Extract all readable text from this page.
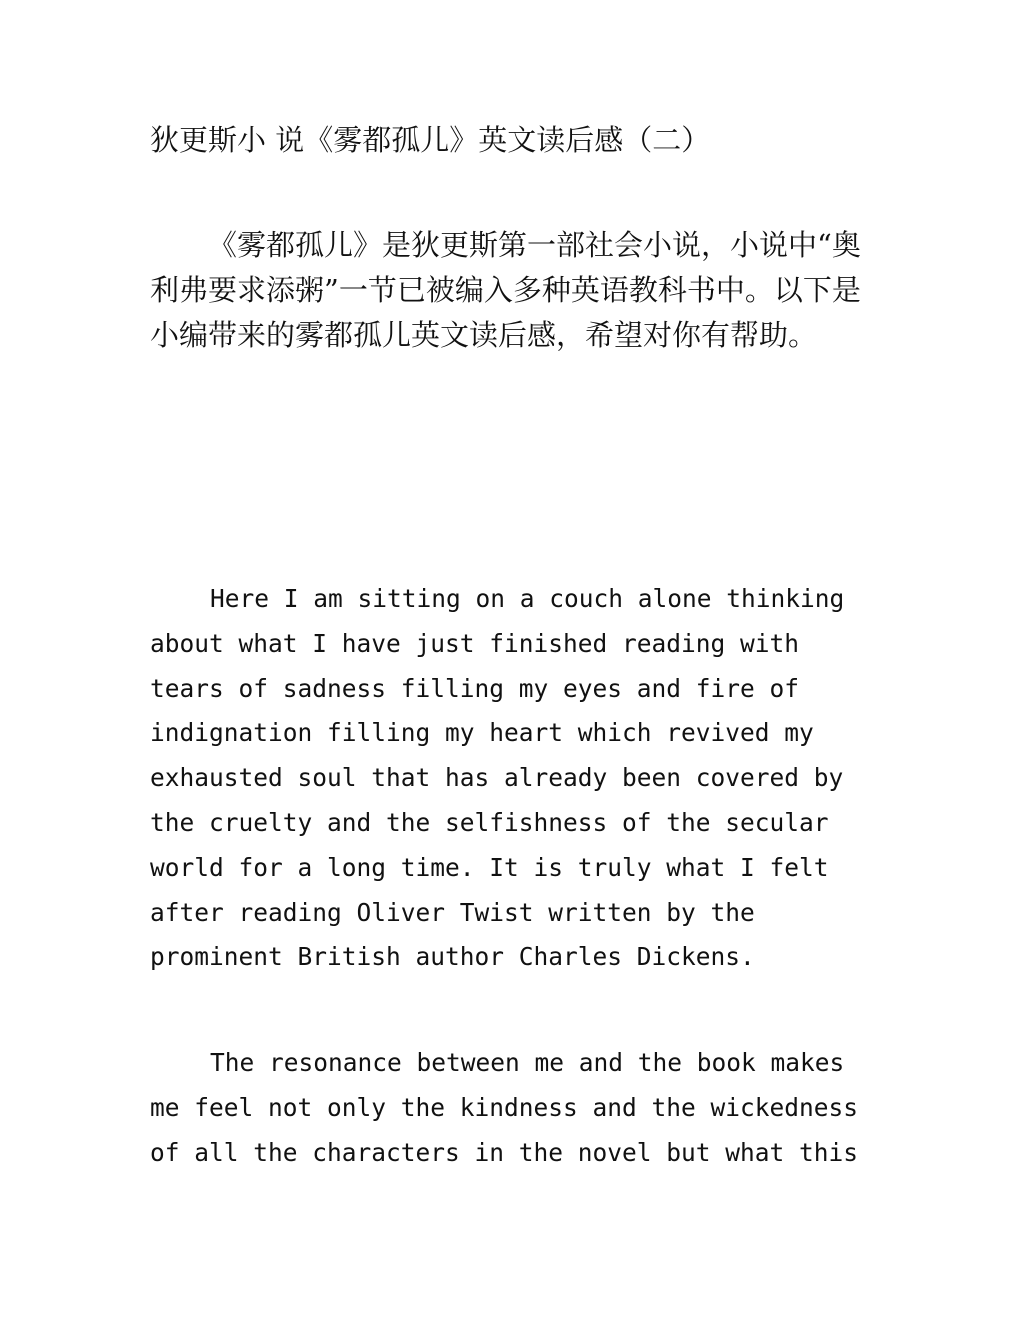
狄更斯小 说《雾都孤儿》英文读后感（二）

《雾都孤儿》是狄更斯第一部社会小说，小说中“奥利弗要求添粥”一节已被编入多种英语教科书中。以下是小编带来的雾都孤儿英文读后感，希望对你有帮助。

Here I am sitting on a couch alone thinking
about what I have just finished reading with
tears of sadness filling my eyes and fire of
indignation filling my heart which revived my
exhausted soul that has already been covered by
the cruelty and the selfishness of the secular
world for a long time. It is truly what I felt
after reading Oliver Twist written by the
prominent British author Charles Dickens.

The resonance between me and the book makes
me feel not only the kindness and the wickedness
of all the characters in the novel but what this
